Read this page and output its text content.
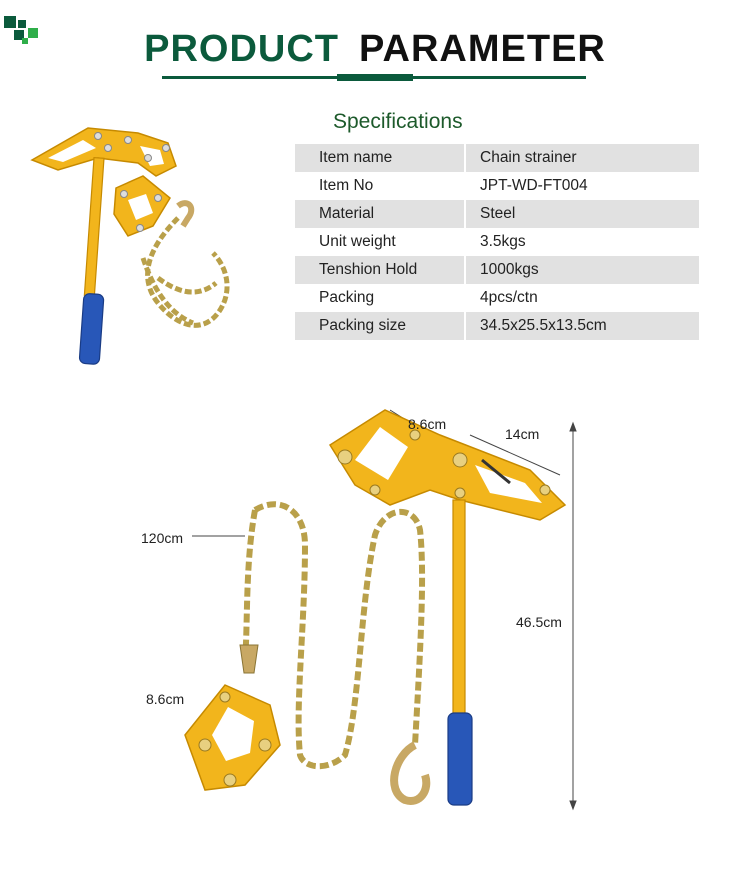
PRODUCT PARAMETER
Specifications
Item name	Chain strainer
Item No	JPT-WD-FT004
Material	Steel
Unit weight	3.5kgs
Tenshion Hold	1000kgs
Packing	4pcs/ctn
Packing size	34.5x25.5x13.5cm
8.6cm
14cm
120cm
46.5cm
8.6cm
